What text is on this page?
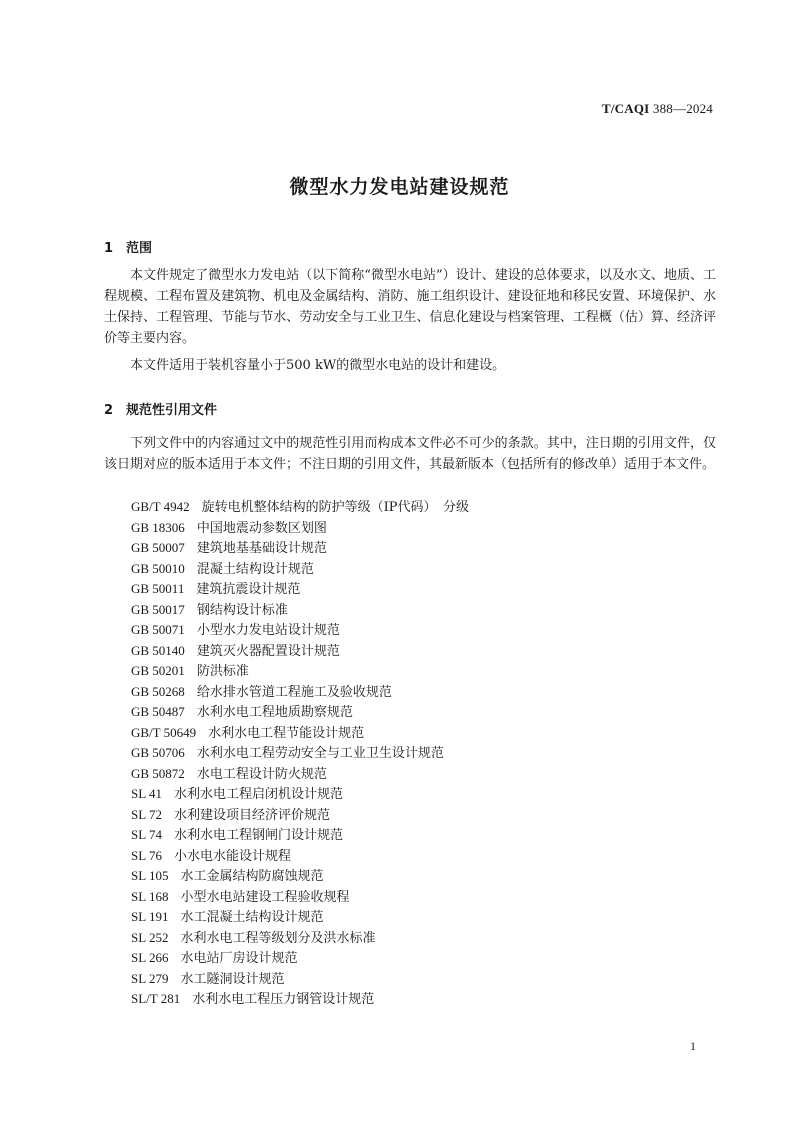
T/CAQI 388—2024
微型水力发电站建设规范
1 范围

本文件规定了微型水力发电站（以下简称“微型水电站”）设计、建设的总体要求，以及水文、地质、工程规模、工程布置及建筑物、机电及金属结构、消防、施工组织设计、建设征地和移民安置、环境保护、水土保持、工程管理、节能与节水、劳动安全与工业卫生、信息化建设与档案管理、工程概（估）算、经济评价等主要内容。

本文件适用于装机容量小于500 kW的微型水电站的设计和建设。

2 规范性引用文件

下列文件中的内容通过文中的规范性引用而构成本文件必不可少的条款。其中，注日期的引用文件，仅该日期对应的版本适用于本文件；不注日期的引用文件，其最新版本（包括所有的修改单）适用于本文件。

GB/T 4942 旋转电机整体结构的防护等级（IP代码）　分级
GB 18306 中国地震动参数区划图
GB 50007 建筑地基基础设计规范
GB 50010 混凝土结构设计规范
GB 50011 建筑抗震设计规范
GB 50017 钢结构设计标准
GB 50071 小型水力发电站设计规范
GB 50140 建筑灭火器配置设计规范
GB 50201 防洪标准
GB 50268 给水排水管道工程施工及验收规范
GB 50487 水利水电工程地质勘察规范
GB/T 50649 水利水电工程节能设计规范
GB 50706 水利水电工程劳动安全与工业卫生设计规范
GB 50872 水电工程设计防火规范
SL 41 水利水电工程启闭机设计规范
SL 72 水利建设项目经济评价规范
SL 74 水利水电工程钢闸门设计规范
SL 76 小水电水能设计规程
SL 105 水工金属结构防腐蚀规范
SL 168 小型水电站建设工程验收规程
SL 191 水工混凝土结构设计规范
SL 252 水利水电工程等级划分及洪水标准
SL 266 水电站厂房设计规范
SL 279 水工隧洞设计规范
SL/T 281 水利水电工程压力钢管设计规范
1
